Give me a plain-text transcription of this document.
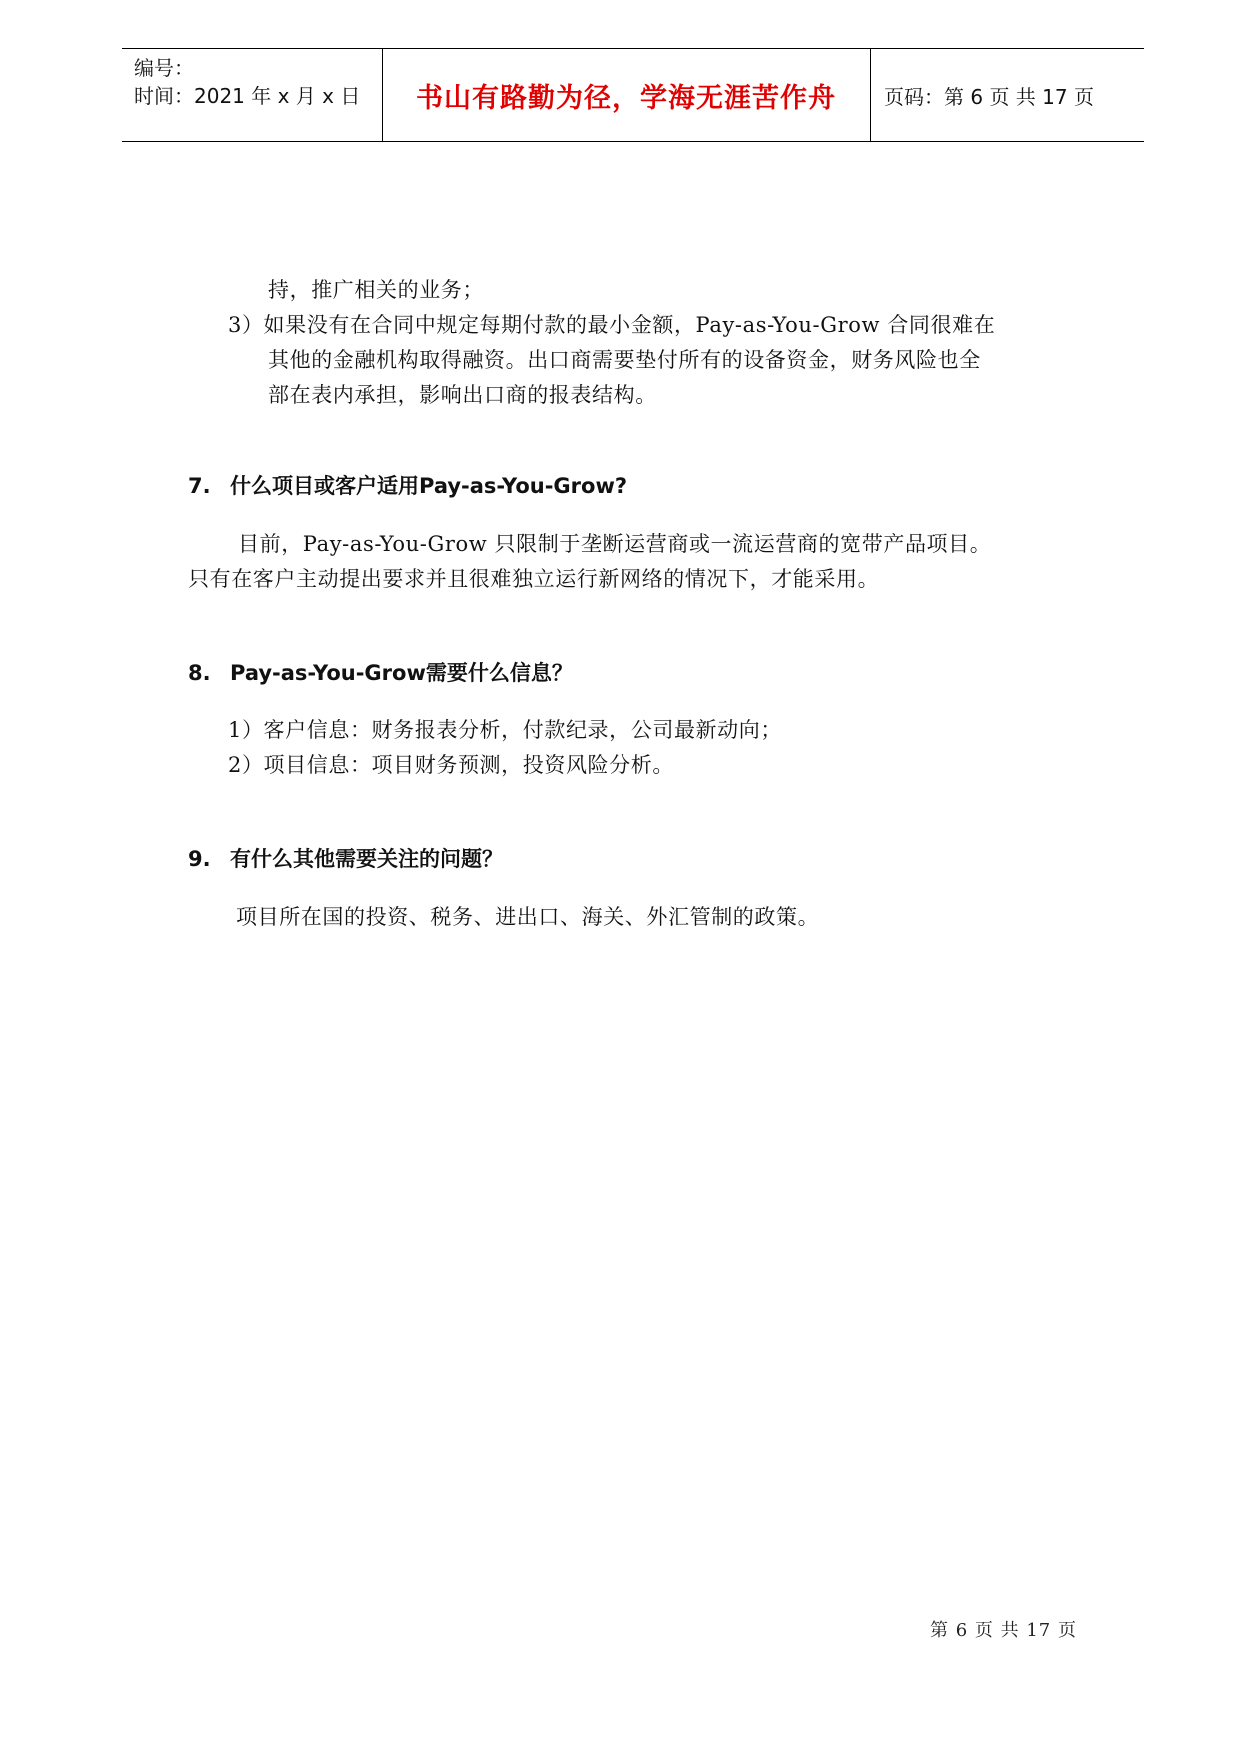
编号：
时间：2021 年 x 月 x 日	书山有路勤为径，学海无涯苦作舟	页码：第 6 页 共 17 页
持，推广相关的业务；
3）如果没有在合同中规定每期付款的最小金额，Pay-as-You-Grow 合同很难在
其他的金融机构取得融资。出口商需要垫付所有的设备资金，财务风险也全
部在表内承担，影响出口商的报表结构。
7. 什么项目或客户适用Pay-as-You-Grow?
目前，Pay-as-You-Grow 只限制于垄断运营商或一流运营商的宽带产品项目。
只有在客户主动提出要求并且很难独立运行新网络的情况下，才能采用。
8. Pay-as-You-Grow需要什么信息？
1）客户信息：财务报表分析，付款纪录，公司最新动向；
2）项目信息：项目财务预测，投资风险分析。
9. 有什么其他需要关注的问题？
项目所在国的投资、税务、进出口、海关、外汇管制的政策。
第 6 页 共 17 页
